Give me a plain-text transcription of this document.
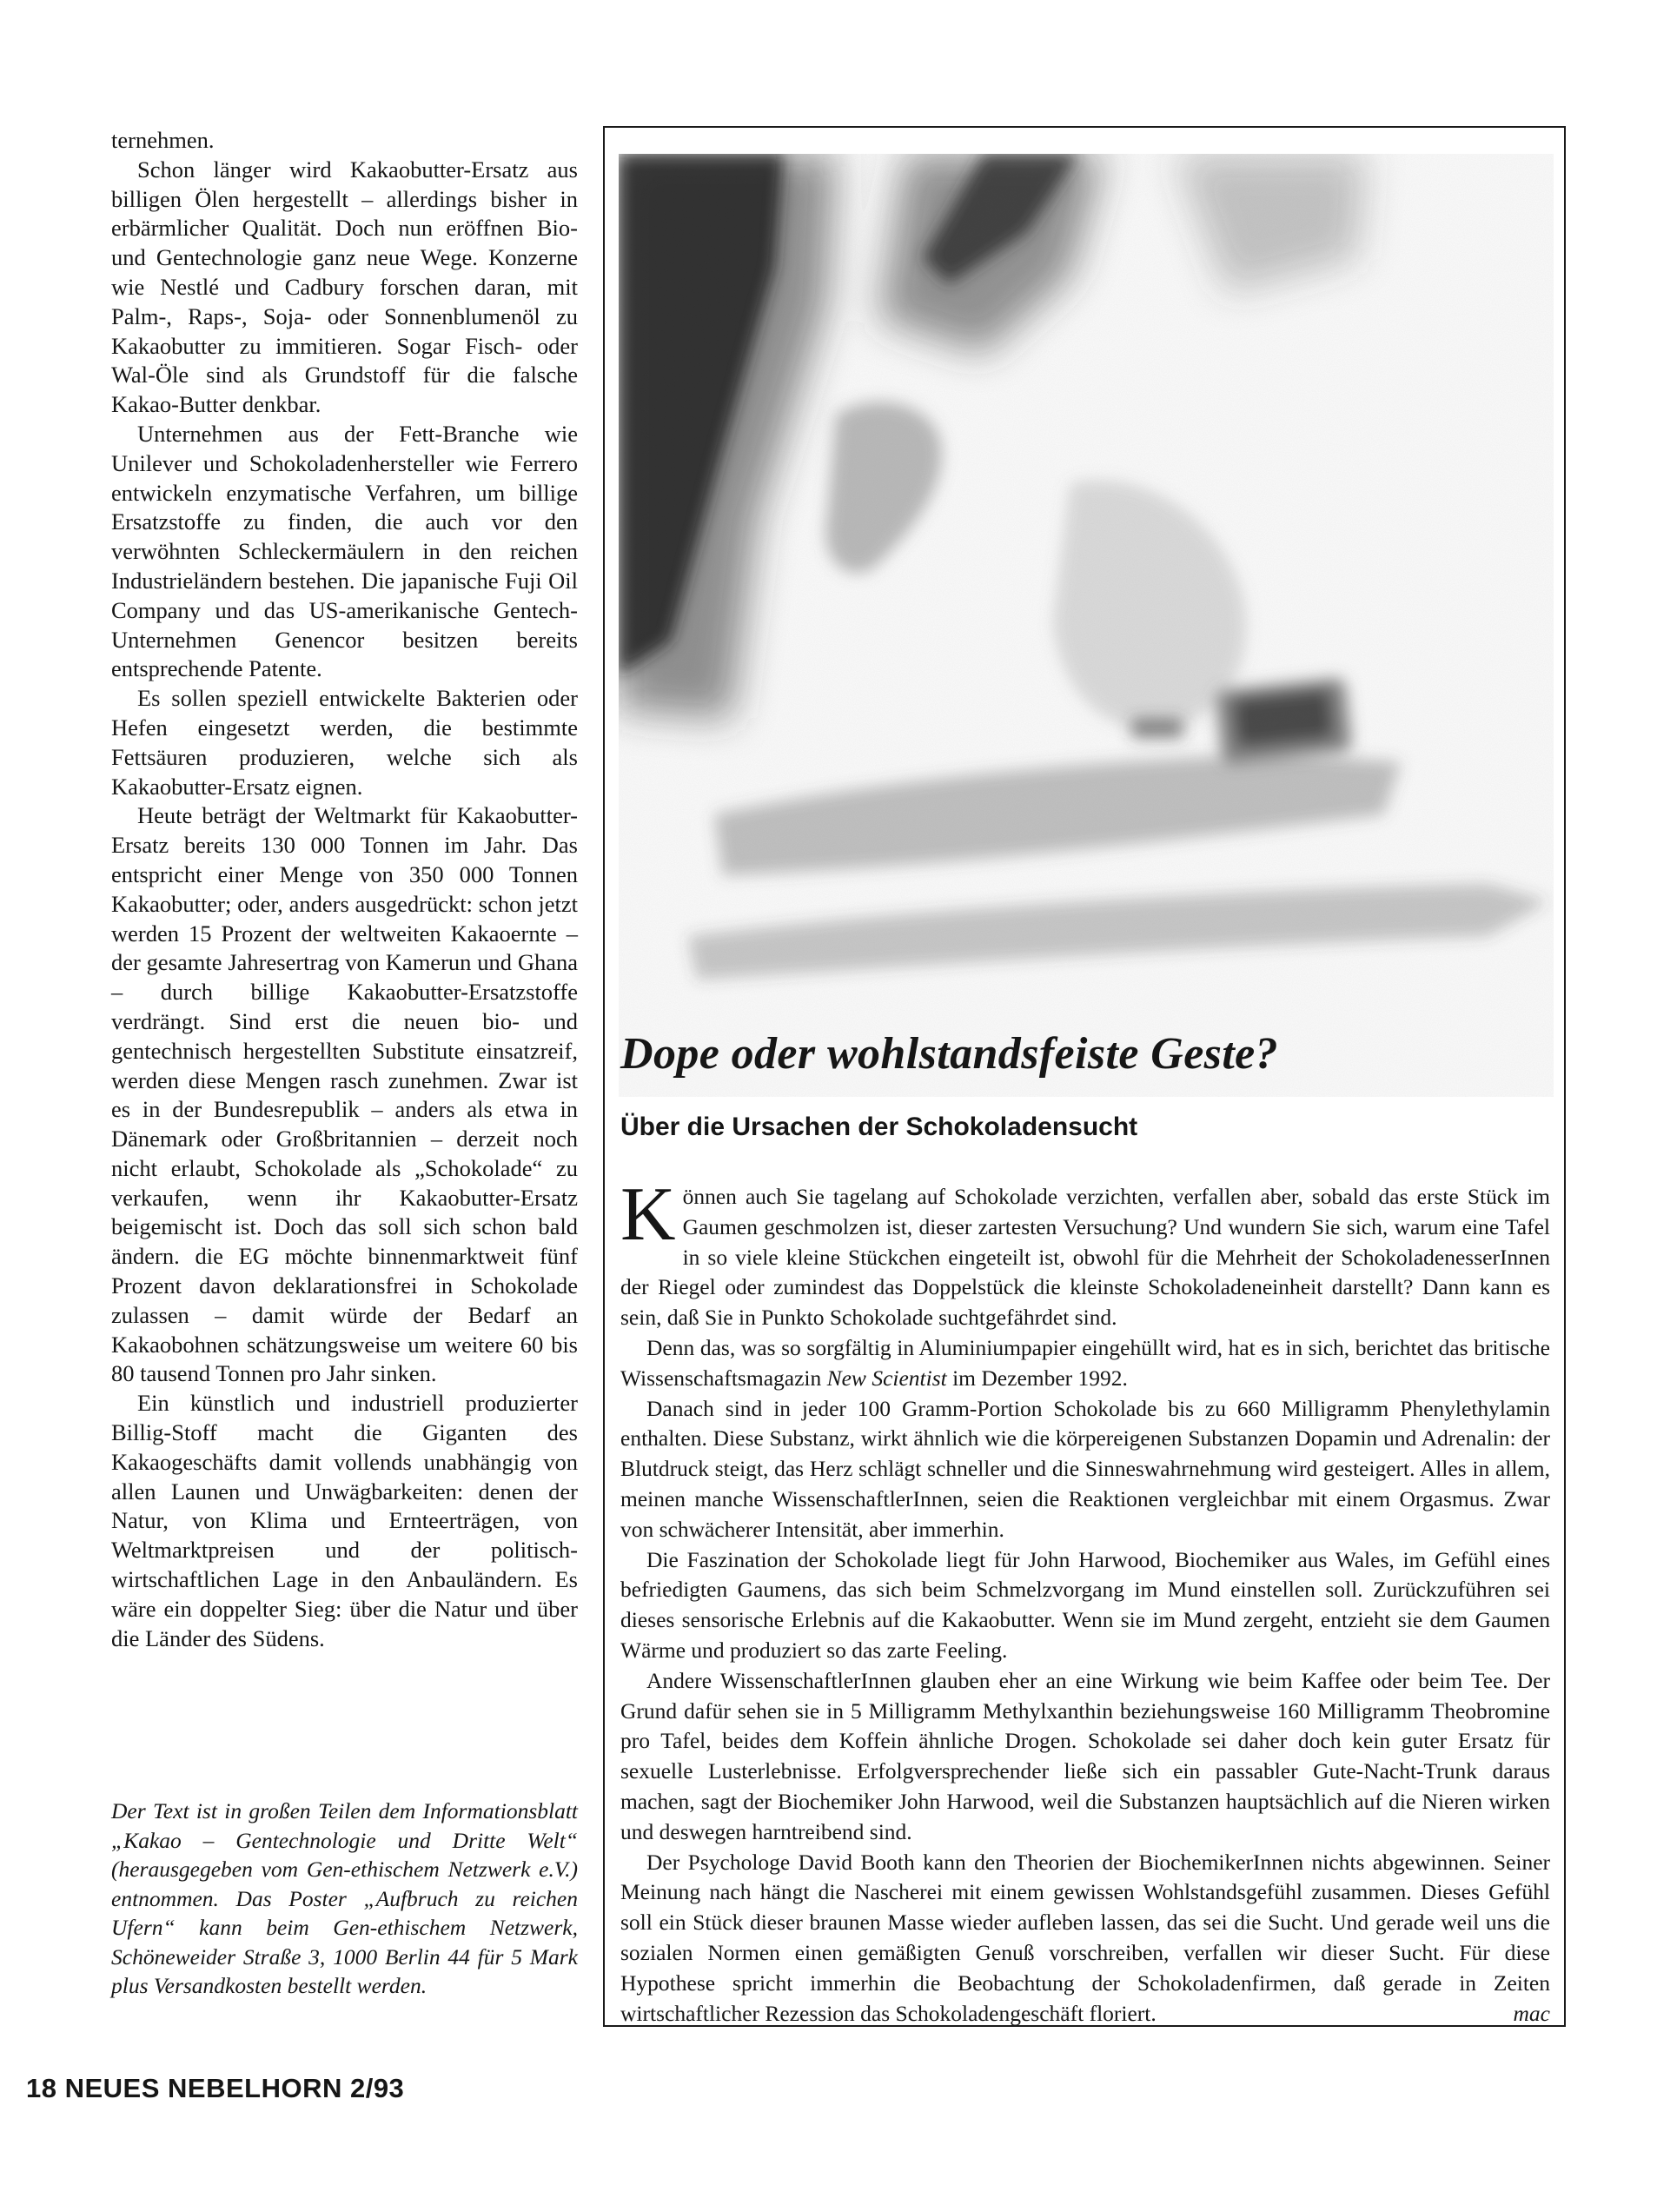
ternehmen.

Schon länger wird Kakaobutter-Ersatz aus billigen Ölen hergestellt – allerdings bisher in erbärmlicher Qualität. Doch nun eröffnen Bio- und Gentechnologie ganz neue Wege. Konzerne wie Nestlé und Cadbury forschen daran, mit Palm-, Raps-, Soja- oder Sonnenblumenöl zu Kakaobutter zu immitieren. Sogar Fisch- oder Wal-Öle sind als Grundstoff für die falsche Kakao-Butter denkbar.

Unternehmen aus der Fett-Branche wie Unilever und Schokoladenhersteller wie Ferrero entwickeln enzymatische Verfahren, um billige Ersatzstoffe zu finden, die auch vor den verwöhnten Schleckermäulern in den reichen Industrieländern bestehen. Die japanische Fuji Oil Company und das US-amerikanische Gentech-Unternehmen Genencor besitzen bereits entsprechende Patente.

Es sollen speziell entwickelte Bakterien oder Hefen eingesetzt werden, die bestimmte Fettsäuren produzieren, welche sich als Kakaobutter-Ersatz eignen.

Heute beträgt der Weltmarkt für Kakaobutter-Ersatz bereits 130 000 Tonnen im Jahr. Das entspricht einer Menge von 350 000 Tonnen Kakaobutter; oder, anders ausgedrückt: schon jetzt werden 15 Prozent der weltweiten Kakaoernte – der gesamte Jahresertrag von Kamerun und Ghana – durch billige Kakaobutter-Ersatzstoffe verdrängt. Sind erst die neuen bio- und gentechnisch hergestellten Substitute einsatzreif, werden diese Mengen rasch zunehmen. Zwar ist es in der Bundesrepublik – anders als etwa in Dänemark oder Großbritannien – derzeit noch nicht erlaubt, Schokolade als „Schokolade“ zu verkaufen, wenn ihr Kakaobutter-Ersatz beigemischt ist. Doch das soll sich schon bald ändern. die EG möchte binnenmarktweit fünf Prozent davon deklarationsfrei in Schokolade zulassen – damit würde der Bedarf an Kakaobohnen schätzungsweise um weitere 60 bis 80 tausend Tonnen pro Jahr sinken.

Ein künstlich und industriell produzierter Billig-Stoff macht die Giganten des Kakaogeschäfts damit vollends unabhängig von allen Launen und Unwägbarkeiten: denen der Natur, von Klima und Ernteerträgen, von Weltmarktpreisen und der politisch-wirtschaftlichen Lage in den Anbauländern. Es wäre ein doppelter Sieg: über die Natur und über die Länder des Südens.

Der Text ist in großen Teilen dem Informationsblatt „Kakao – Gentechnologie und Dritte Welt“ (herausgegeben vom Gen-ethischem Netzwerk e.V.) entnommen. Das Poster „Aufbruch zu reichen Ufern“ kann beim Gen-ethischem Netzwerk, Schöneweider Straße 3, 1000 Berlin 44 für 5 Mark plus Versandkosten bestellt werden.

Dope oder wohlstandsfeiste Geste?
Über die Ursachen der Schokoladensucht

Können auch Sie tagelang auf Schokolade verzichten, verfallen aber, sobald das erste Stück im Gaumen geschmolzen ist, dieser zartesten Versuchung? Und wundern Sie sich, warum eine Tafel in so viele kleine Stückchen eingeteilt ist, obwohl für die Mehrheit der SchokoladenesserInnen der Riegel oder zumindest das Doppelstück die kleinste Schokoladeneinheit darstellt? Dann kann es sein, daß Sie in Punkto Schokolade suchtgefährdet sind.

Denn das, was so sorgfältig in Aluminiumpapier eingehüllt wird, hat es in sich, berichtet das britische Wissenschaftsmagazin New Scientist im Dezember 1992.

Danach sind in jeder 100 Gramm-Portion Schokolade bis zu 660 Milligramm Phenylethylamin enthalten. Diese Substanz, wirkt ähnlich wie die körpereigenen Substanzen Dopamin und Adrenalin: der Blutdruck steigt, das Herz schlägt schneller und die Sinneswahrnehmung wird gesteigert. Alles in allem, meinen manche WissenschaftlerInnen, seien die Reaktionen vergleichbar mit einem Orgasmus. Zwar von schwächerer Intensität, aber immerhin.

Die Faszination der Schokolade liegt für John Harwood, Biochemiker aus Wales, im Gefühl eines befriedigten Gaumens, das sich beim Schmelzvorgang im Mund einstellen soll. Zurückzuführen sei dieses sensorische Erlebnis auf die Kakaobutter. Wenn sie im Mund zergeht, entzieht sie dem Gaumen Wärme und produziert so das zarte Feeling.

Andere WissenschaftlerInnen glauben eher an eine Wirkung wie beim Kaffee oder beim Tee. Der Grund dafür sehen sie in 5 Milligramm Methylxanthin beziehungsweise 160 Milligramm Theobromine pro Tafel, beides dem Koffein ähnliche Drogen. Schokolade sei daher doch kein guter Ersatz für sexuelle Lusterlebnisse. Erfolgversprechender ließe sich ein passabler Gute-Nacht-Trunk daraus machen, sagt der Biochemiker John Harwood, weil die Substanzen hauptsächlich auf die Nieren wirken und deswegen harntreibend sind.

Der Psychologe David Booth kann den Theorien der BiochemikerInnen nichts abgewinnen. Seiner Meinung nach hängt die Nascherei mit einem gewissen Wohlstandsgefühl zusammen. Dieses Gefühl soll ein Stück dieser braunen Masse wieder aufleben lassen, das sei die Sucht. Und gerade weil uns die sozialen Normen einen gemäßigten Genuß vorschreiben, verfallen wir dieser Sucht. Für diese Hypothese spricht immerhin die Beobachtung der Schokoladenfirmen, daß gerade in Zeiten wirtschaftlicher Rezession das Schokoladengeschäft floriert.	mac

18 NEUES NEBELHORN 2/93
